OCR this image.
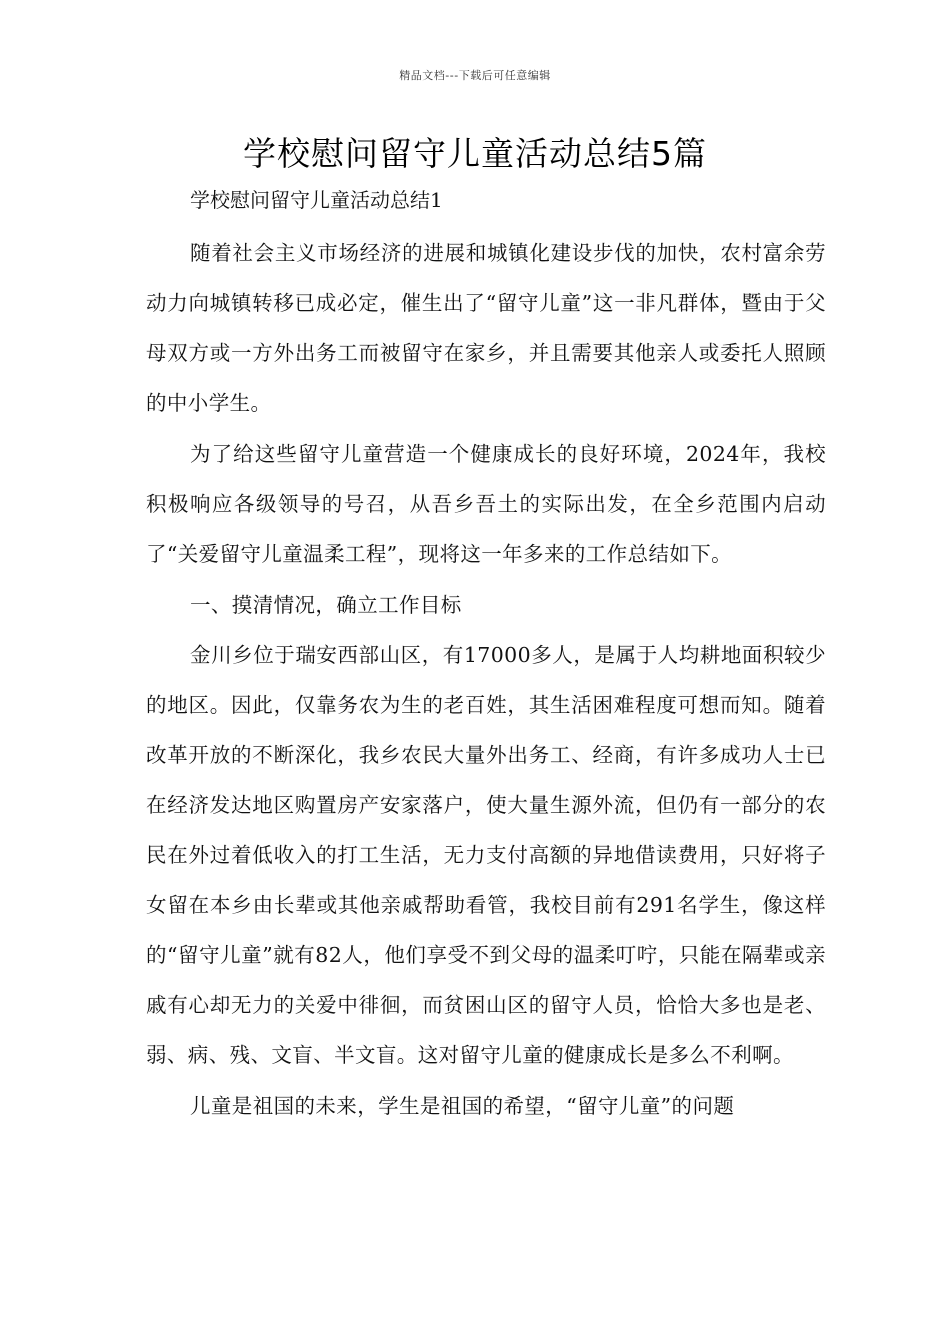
精品文档---下载后可任意编辑
学校慰问留守儿童活动总结5篇

学校慰问留守儿童活动总结1

随着社会主义市场经济的进展和城镇化建设步伐的加快，农村富余劳动力向城镇转移已成必定，催生出了“留守儿童”这一非凡群体，暨由于父母双方或一方外出务工而被留守在家乡，并且需要其他亲人或委托人照顾的中小学生。

为了给这些留守儿童营造一个健康成长的良好环境，2024年，我校积极响应各级领导的号召，从吾乡吾土的实际出发，在全乡范围内启动了“关爱留守儿童温柔工程”，现将这一年多来的工作总结如下。

一、摸清情况，确立工作目标

金川乡位于瑞安西部山区，有17000多人，是属于人均耕地面积较少的地区。因此，仅靠务农为生的老百姓，其生活困难程度可想而知。随着改革开放的不断深化，我乡农民大量外出务工、经商，有许多成功人士已在经济发达地区购置房产安家落户，使大量生源外流，但仍有一部分的农民在外过着低收入的打工生活，无力支付高额的异地借读费用，只好将子女留在本乡由长辈或其他亲戚帮助看管，我校目前有291名学生，像这样的“留守儿童”就有82人，他们享受不到父母的温柔叮咛，只能在隔辈或亲戚有心却无力的关爱中徘徊，而贫困山区的留守人员，恰恰大多也是老、弱、病、残、文盲、半文盲。这对留守儿童的健康成长是多么不利啊。

儿童是祖国的未来，学生是祖国的希望，“留守儿童”的问题
